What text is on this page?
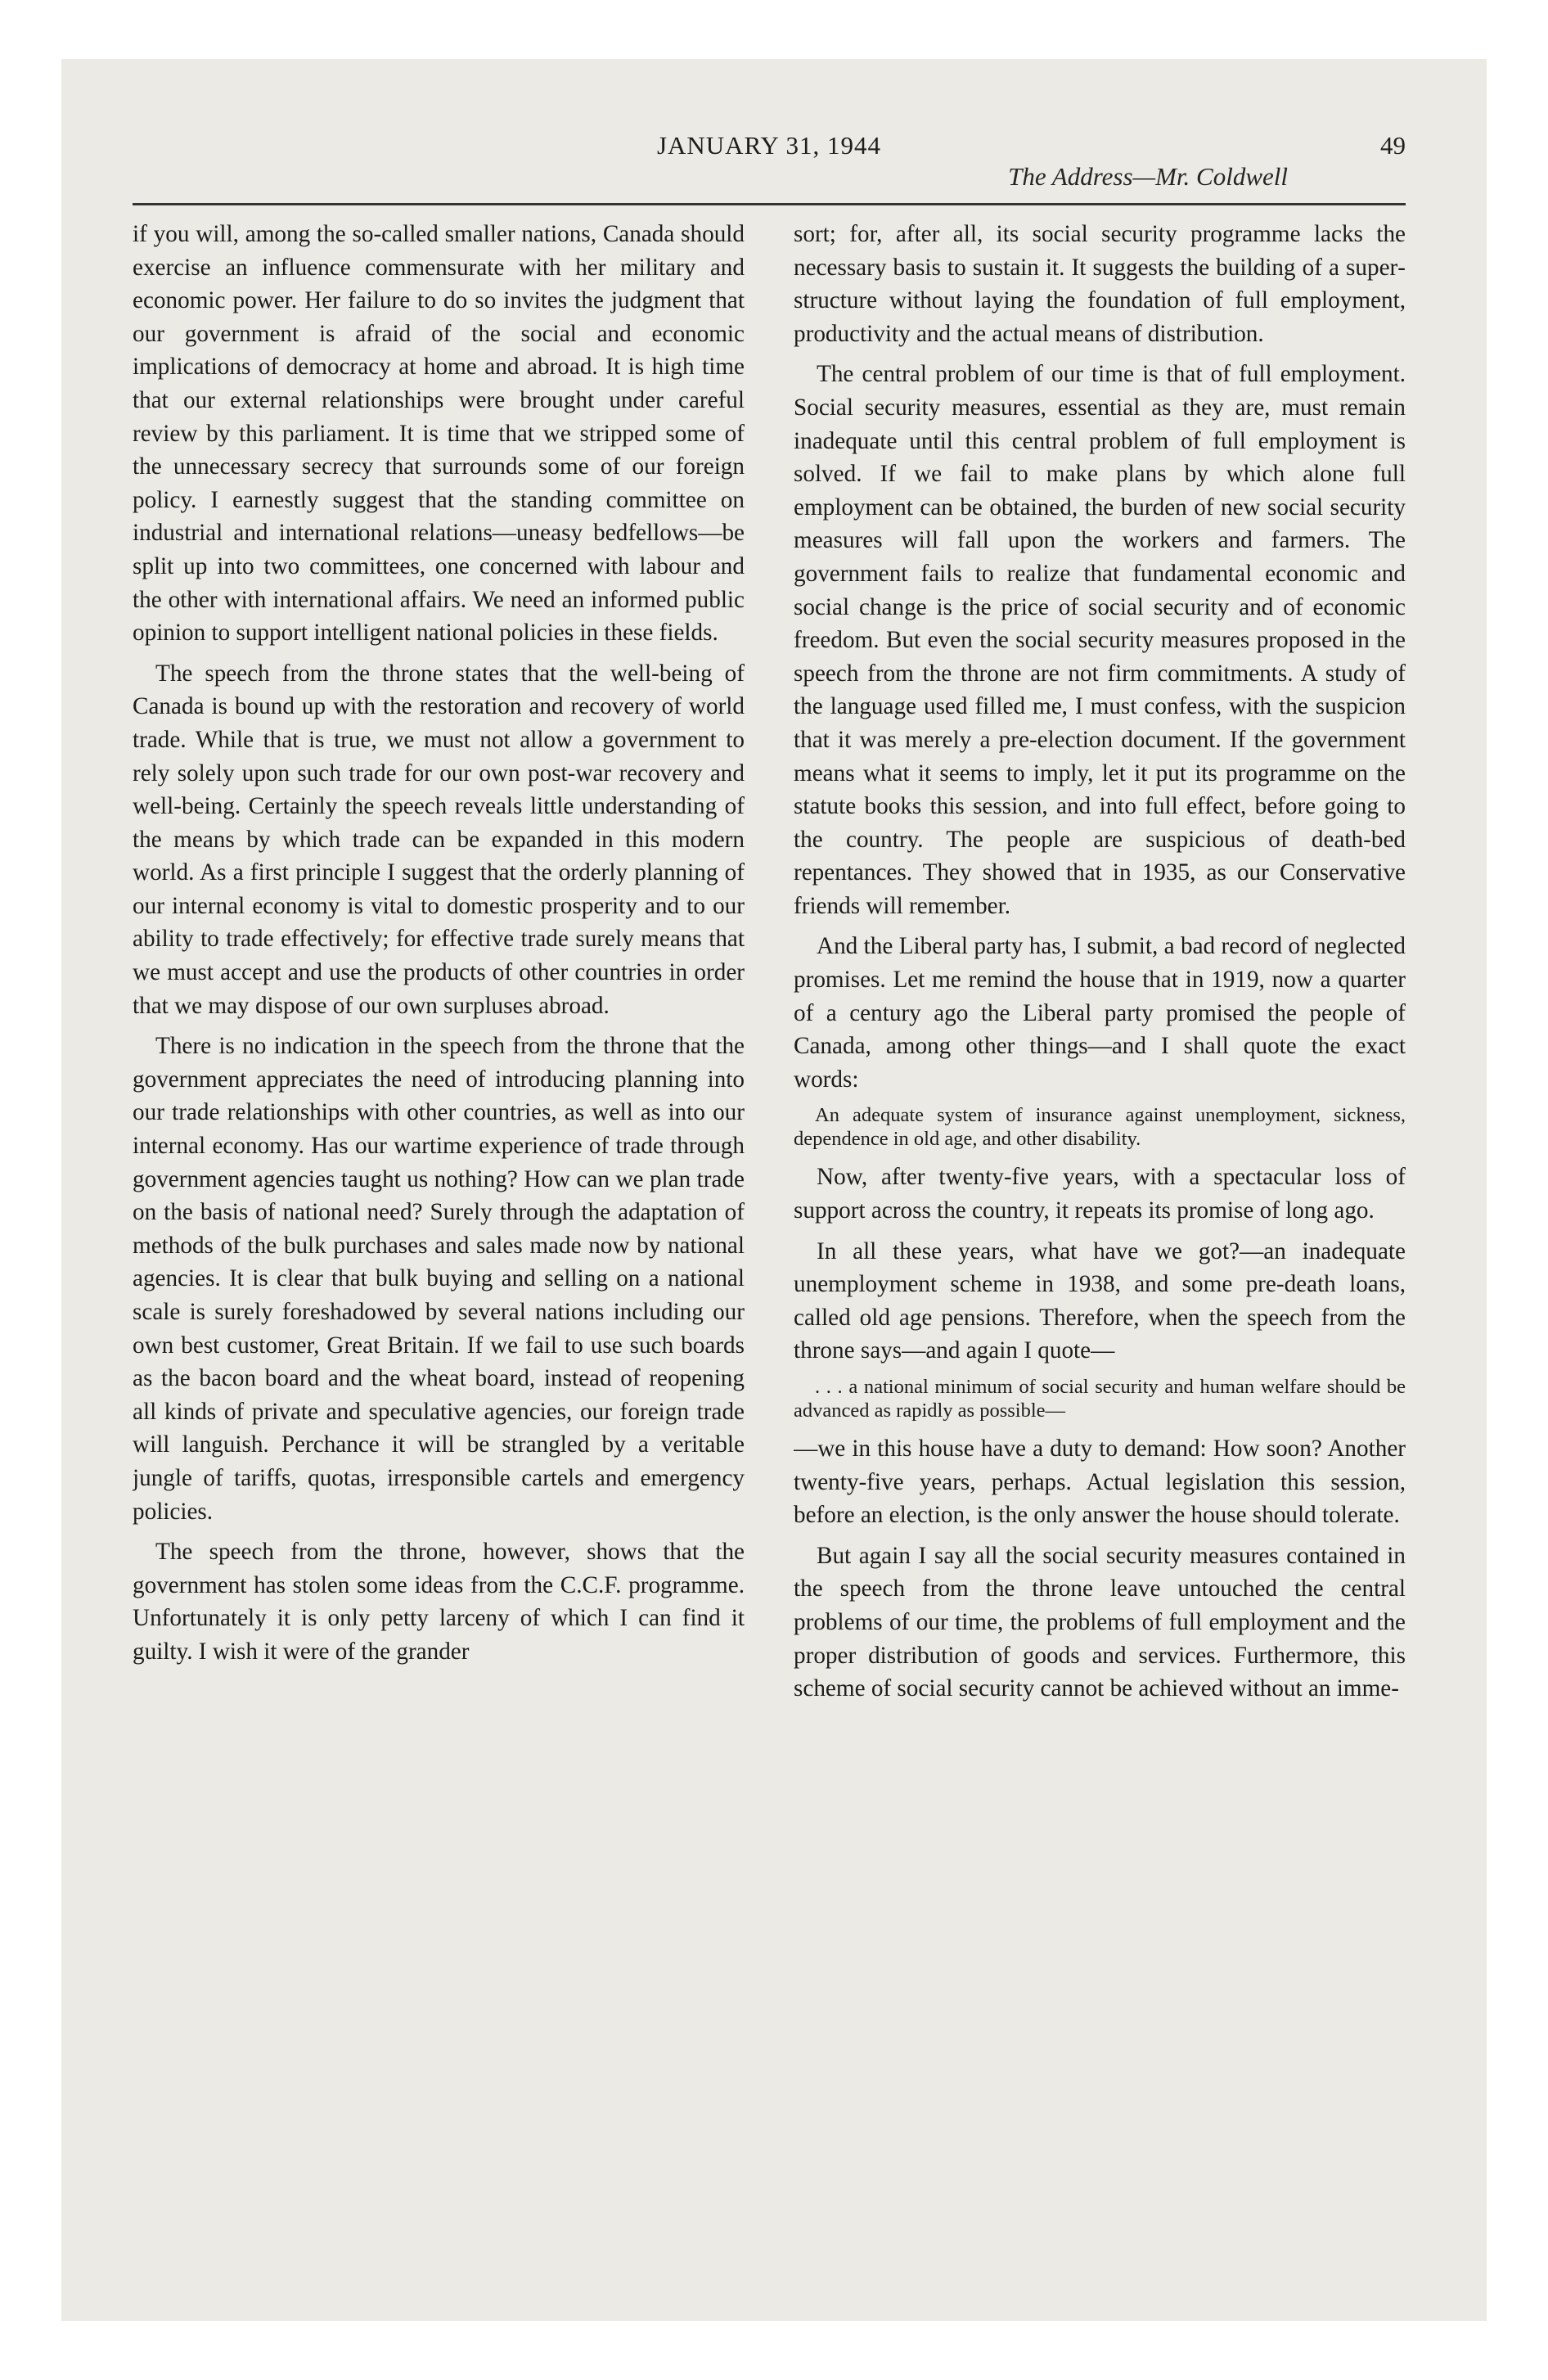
JANUARY 31, 1944	49
The Address—Mr. Coldwell

if you will, among the so-called smaller nations, Canada should exercise an influence commensurate with her military and economic power. Her failure to do so invites the judgment that our government is afraid of the social and economic implications of democracy at home and abroad. It is high time that our external relationships were brought under careful review by this parliament. It is time that we stripped some of the unnecessary secrecy that surrounds some of our foreign policy. I earnestly suggest that the standing committee on industrial and international relations—uneasy bedfellows—be split up into two committees, one concerned with labour and the other with international affairs. We need an informed public opinion to support intelligent national policies in these fields.

The speech from the throne states that the well-being of Canada is bound up with the restoration and recovery of world trade. While that is true, we must not allow a government to rely solely upon such trade for our own post-war recovery and well-being. Certainly the speech reveals little understanding of the means by which trade can be expanded in this modern world. As a first principle I suggest that the orderly planning of our internal economy is vital to domestic prosperity and to our ability to trade effectively; for effective trade surely means that we must accept and use the products of other countries in order that we may dispose of our own surpluses abroad.

There is no indication in the speech from the throne that the government appreciates the need of introducing planning into our trade relationships with other countries, as well as into our internal economy. Has our wartime experience of trade through government agencies taught us nothing? How can we plan trade on the basis of national need? Surely through the adaptation of methods of the bulk purchases and sales made now by national agencies. It is clear that bulk buying and selling on a national scale is surely foreshadowed by several nations including our own best customer, Great Britain. If we fail to use such boards as the bacon board and the wheat board, instead of reopening all kinds of private and speculative agencies, our foreign trade will languish. Perchance it will be strangled by a veritable jungle of tariffs, quotas, irresponsible cartels and emergency policies.

The speech from the throne, however, shows that the government has stolen some ideas from the C.C.F. programme. Unfortunately it is only petty larceny of which I can find it guilty. I wish it were of the grander

sort; for, after all, its social security programme lacks the necessary basis to sustain it. It suggests the building of a superstructure without laying the foundation of full employment, productivity and the actual means of distribution.

The central problem of our time is that of full employment. Social security measures, essential as they are, must remain inadequate until this central problem of full employment is solved. If we fail to make plans by which alone full employment can be obtained, the burden of new social security measures will fall upon the workers and farmers. The government fails to realize that fundamental economic and social change is the price of social security and of economic freedom. But even the social security measures proposed in the speech from the throne are not firm commitments. A study of the language used filled me, I must confess, with the suspicion that it was merely a pre-election document. If the government means what it seems to imply, let it put its programme on the statute books this session, and into full effect, before going to the country. The people are suspicious of death-bed repentances. They showed that in 1935, as our Conservative friends will remember.

And the Liberal party has, I submit, a bad record of neglected promises. Let me remind the house that in 1919, now a quarter of a century ago the Liberal party promised the people of Canada, among other things—and I shall quote the exact words:

An adequate system of insurance against unemployment, sickness, dependence in old age, and other disability.

Now, after twenty-five years, with a spectacular loss of support across the country, it repeats its promise of long ago.

In all these years, what have we got?—an inadequate unemployment scheme in 1938, and some pre-death loans, called old age pensions. Therefore, when the speech from the throne says—and again I quote—

. . . a national minimum of social security and human welfare should be advanced as rapidly as possible—

—we in this house have a duty to demand: How soon? Another twenty-five years, perhaps. Actual legislation this session, before an election, is the only answer the house should tolerate.

But again I say all the social security measures contained in the speech from the throne leave untouched the central problems of our time, the problems of full employment and the proper distribution of goods and services. Furthermore, this scheme of social security cannot be achieved without an imme-
